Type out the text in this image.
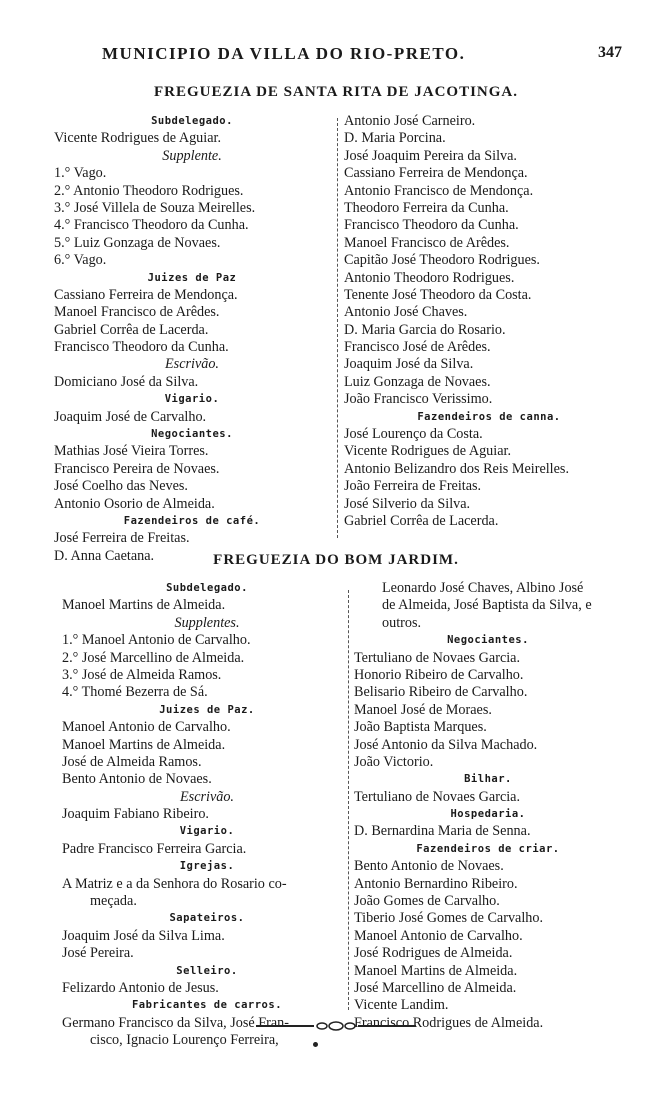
MUNICIPIO DA VILLA DO RIO-PRETO.	347
FREGUEZIA DE SANTA RITA DE JACOTINGA.
Subdelegado.
Vicente Rodrigues de Aguiar.
Supplente.
1.° Vago.
2.° Antonio Theodoro Rodrigues.
3.° José Villela de Souza Meirelles.
4.° Francisco Theodoro da Cunha.
5.° Luiz Gonzaga de Novaes.
6.° Vago.
Juizes de Paz
Cassiano Ferreira de Mendonça.
Manoel Francisco de Arêdes.
Gabriel Corrêa de Lacerda.
Francisco Theodoro da Cunha.
Escrivão.
Domiciano José da Silva.
Vigario.
Joaquim José de Carvalho.
Negociantes.
Mathias José Vieira Torres.
Francisco Pereira de Novaes.
José Coelho das Neves.
Antonio Osorio de Almeida.
Fazendeiros de café.
José Ferreira de Freitas.
D. Anna Caetana.
Antonio José Carneiro.
D. Maria Porcina.
José Joaquim Pereira da Silva.
Cassiano Ferreira de Mendonça.
Antonio Francisco de Mendonça.
Theodoro Ferreira da Cunha.
Francisco Theodoro da Cunha.
Manoel Francisco de Arêdes.
Capitão José Theodoro Rodrigues.
Antonio Theodoro Rodrigues.
Tenente José Theodoro da Costa.
Antonio José Chaves.
D. Maria Garcia do Rosario.
Francisco José de Arêdes.
Joaquim José da Silva.
Luiz Gonzaga de Novaes.
João Francisco Verissimo.
Fazendeiros de canna.
José Lourenço da Costa.
Vicente Rodrigues de Aguiar.
Antonio Belizandro dos Reis Meirelles.
João Ferreira de Freitas.
José Silverio da Silva.
Gabriel Corrêa de Lacerda.
FREGUEZIA DO BOM JARDIM.
Subdelegado.
Manoel Martins de Almeida.
Supplentes.
1.° Manoel Antonio de Carvalho.
2.° José Marcellino de Almeida.
3.° José de Almeida Ramos.
4.° Thomé Bezerra de Sá.
Juizes de Paz.
Manoel Antonio de Carvalho.
Manoel Martins de Almeida.
José de Almeida Ramos.
Bento Antonio de Novaes.
Escrivão.
Joaquim Fabiano Ribeiro.
Vigario.
Padre Francisco Ferreira Garcia.
Igrejas.
A Matriz e a da Senhora do Rosario co-
meçada.
Sapateiros.
Joaquim José da Silva Lima.
José Pereira.
Selleiro.
Felizardo Antonio de Jesus.
Fabricantes de carros.
Germano Francisco da Silva, José Fran-
cisco, Ignacio Lourenço Ferreira,
Leonardo José Chaves, Albino José
de Almeida, José Baptista da Silva, e
outros.
Negociantes.
Tertuliano de Novaes Garcia.
Honorio Ribeiro de Carvalho.
Belisario Ribeiro de Carvalho.
Manoel José de Moraes.
João Baptista Marques.
José Antonio da Silva Machado.
João Victorio.
Bilhar.
Tertuliano de Novaes Garcia.
Hospedaria.
D. Bernardina Maria de Senna.
Fazendeiros de criar.
Bento Antonio de Novaes.
Antonio Bernardino Ribeiro.
João Gomes de Carvalho.
Tiberio José Gomes de Carvalho.
Manoel Antonio de Carvalho.
José Rodrigues de Almeida.
Manoel Martins de Almeida.
José Marcellino de Almeida.
Vicente Landim.
Francisco Rodrigues de Almeida.
